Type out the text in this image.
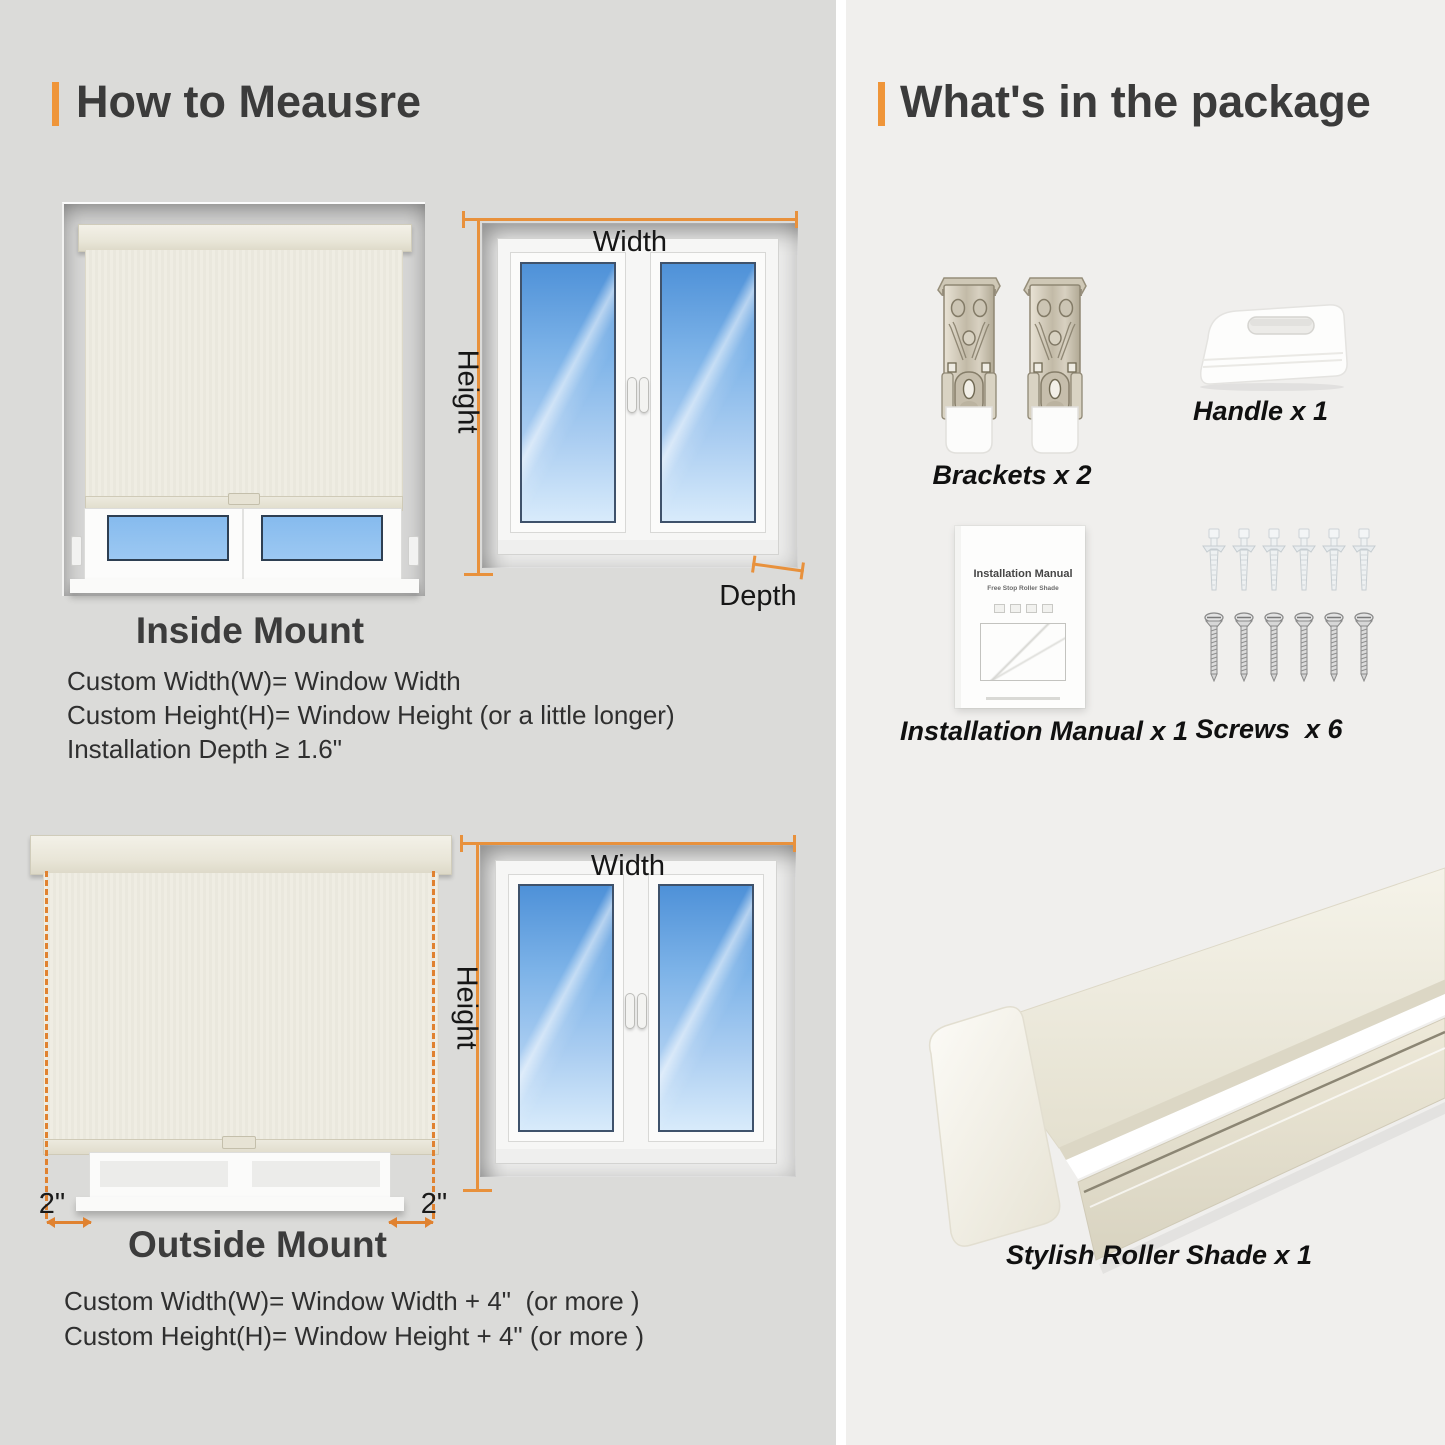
How to Meausre
Width
Height
Depth
Inside Mount
Custom Width(W)= Window Width
Custom Height(H)= Window Height (or a little longer)
Installation Depth ≥ 1.6"
2"	2"
Width
Height
Outside Mount
Custom Width(W)= Window Width + 4"  (or more )
Custom Height(H)= Window Height + 4" (or more )
What's in the package
Brackets x 2
Handle x 1
Installation Manual
Free Stop Roller Shade
Installation Manual x 1 Screws  x 6
Stylish Roller Shade x 1
